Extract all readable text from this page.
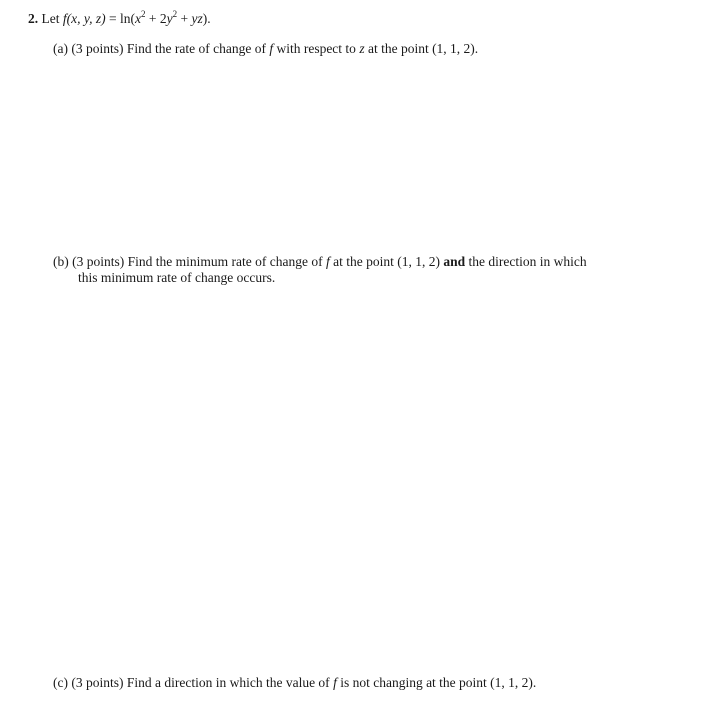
2. Let f(x, y, $z) = \ln(x^2 + 2y^2 + yz)$.
(a) (3 points) Find the rate of change of f with respect to z at the point (1, 1, 2).
(b) (3 points) Find the minimum rate of change of f at the point (1, 1, 2) and the direction in which
this minimum rate of change occurs.
(c) (3 points) Find a direction in which the value of f is not changing at the point (1, 1, 2).
